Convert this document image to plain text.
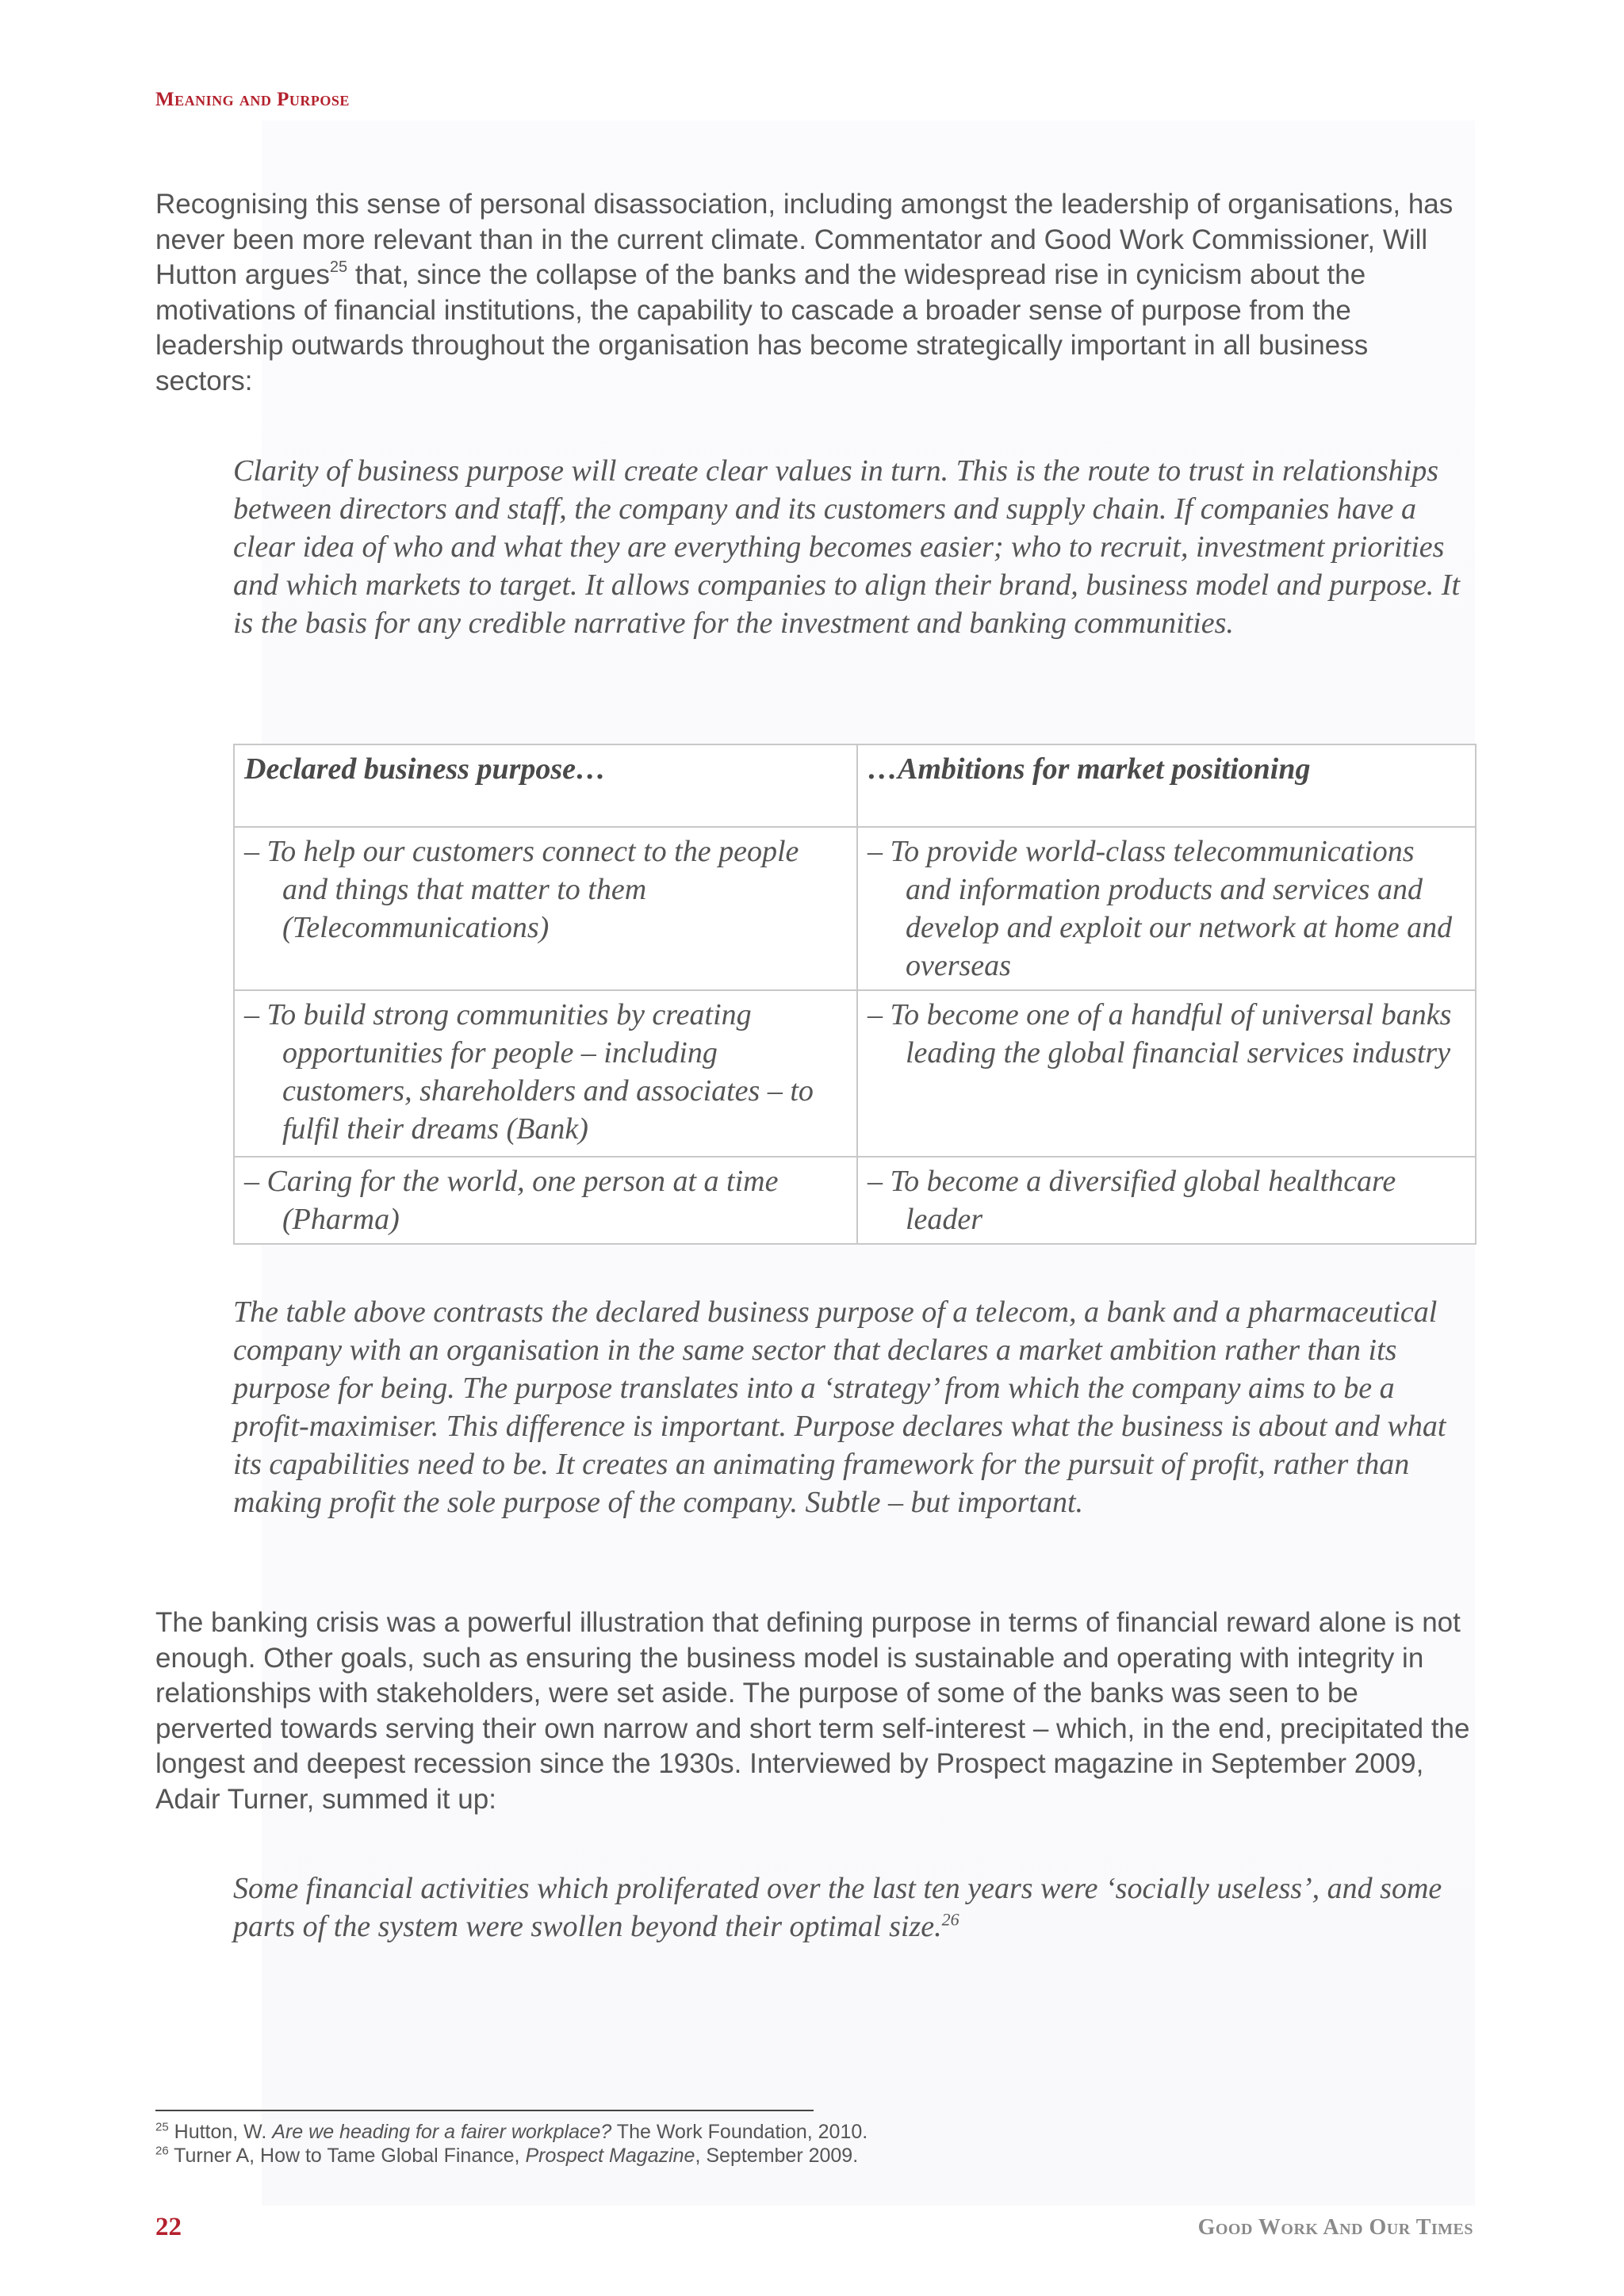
Meaning and Purpose

Recognising this sense of personal disassociation, including amongst the leadership of organisations, has never been more relevant than in the current climate. Commentator and Good Work Commissioner, Will Hutton argues$^{25}$ that, since the collapse of the banks and the widespread rise in cynicism about the motivations of financial institutions, the capability to cascade a broader sense of purpose from the leadership outwards throughout the organisation has become strategically important in all business sectors:

Clarity of business purpose will create clear values in turn. This is the route to trust in relationships between directors and staff, the company and its customers and supply chain. If companies have a clear idea of who and what they are everything becomes easier; who to recruit, investment priorities and which markets to target. It allows companies to align their brand, business model and purpose. It is the basis for any credible narrative for the investment and banking communities.

Declared business purpose…	…Ambitions for market positioning

– To help our customers connect to the people and things that matter to them (Telecommunications)	– To provide world-class telecommunications and information products and services and develop and exploit our network at home and overseas

– To build strong communities by creating opportunities for people – including customers, shareholders and associates – to fulfil their dreams (Bank)	– To become one of a handful of universal banks leading the global financial services industry

– Caring for the world, one person at a time (Pharma)	– To become a diversified global healthcare leader

The table above contrasts the declared business purpose of a telecom, a bank and a pharmaceutical company with an organisation in the same sector that declares a market ambition rather than its purpose for being. The purpose translates into a ‘strategy’ from which the company aims to be a profit-maximiser. This difference is important. Purpose declares what the business is about and what its capabilities need to be. It creates an animating framework for the pursuit of profit, rather than making profit the sole purpose of the company. Subtle – but important.

The banking crisis was a powerful illustration that defining purpose in terms of financial reward alone is not enough. Other goals, such as ensuring the business model is sustainable and operating with integrity in relationships with stakeholders, were set aside. The purpose of some of the banks was seen to be perverted towards serving their own narrow and short term self-interest – which, in the end, precipitated the longest and deepest recession since the 1930s. Interviewed by Prospect magazine in September 2009, Adair Turner, summed it up:

Some financial activities which proliferated over the last ten years were ‘socially useless’, and some parts of the system were swollen beyond their optimal size.$^{26}$

$^{25}$ Hutton, W. Are we heading for a fairer workplace? The Work Foundation, 2010.
$^{26}$ Turner A, How to Tame Global Finance, Prospect Magazine, September 2009.
22	Good Work And Our Times
